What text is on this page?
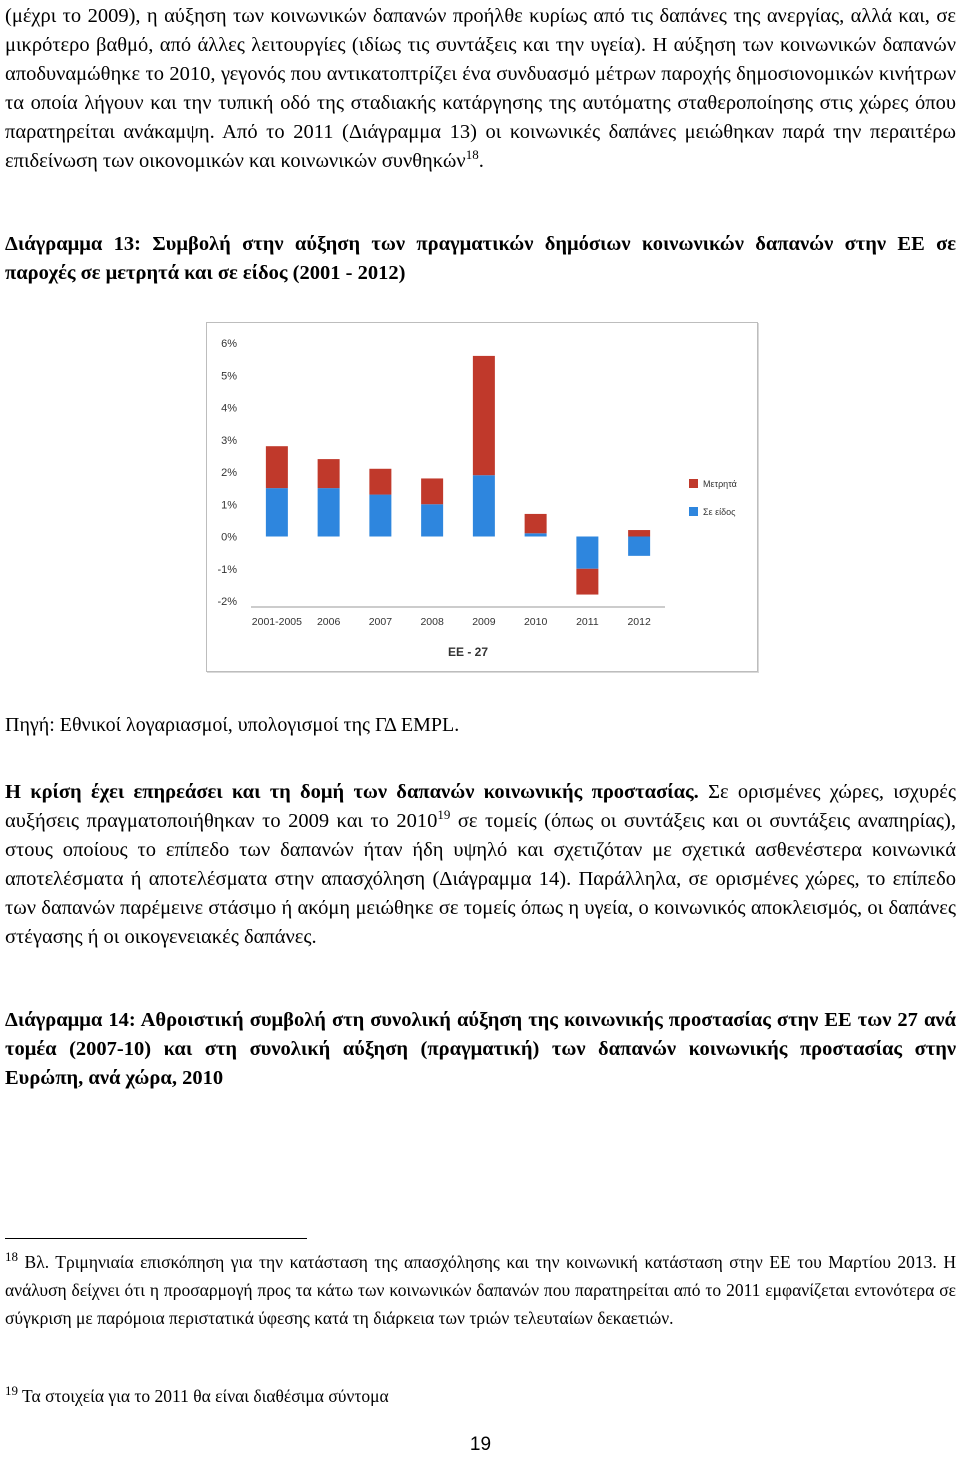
(μέχρι το 2009), η αύξηση των κοινωνικών δαπανών προήλθε κυρίως από τις δαπάνες της ανεργίας, αλλά και, σε μικρότερο βαθμό, από άλλες λειτουργίες (ιδίως τις συντάξεις και την υγεία). Η αύξηση των κοινωνικών δαπανών αποδυναμώθηκε το 2010, γεγονός που αντικατοπτρίζει ένα συνδυασμό μέτρων παροχής δημοσιονομικών κινήτρων τα οποία λήγουν και την τυπική οδό της σταδιακής κατάργησης της αυτόματης σταθεροποίησης στις χώρες όπου παρατηρείται ανάκαμψη. Από το 2011 (Διάγραμμα 13) οι κοινωνικές δαπάνες μειώθηκαν παρά την περαιτέρω επιδείνωση των οικονομικών και κοινωνικών συνθηκών$^{18}$.

Διάγραμμα 13: Συμβολή στην αύξηση των πραγματικών δημόσιων κοινωνικών δαπανών στην ΕΕ σε παροχές σε μετρητά και σε είδος (2001 - 2012)

-2%
-1%
0%
1%
2%
3%
4%
5%
6%
2001-2005 2006	2007	2008	2009	2010	2011	2012
EE - 27
Μετρητά
Σε είδος

Πηγή: Εθνικοί λογαριασμοί, υπολογισμοί της ΓΔ EMPL.

Η κρίση έχει επηρεάσει και τη δομή των δαπανών κοινωνικής προστασίας. Σε ορισμένες χώρες, ισχυρές αυξήσεις πραγματοποιήθηκαν το 2009 και το 2010$^{19}$ σε τομείς (όπως οι συντάξεις και οι συντάξεις αναπηρίας), στους οποίους το επίπεδο των δαπανών ήταν ήδη υψηλό και σχετιζόταν με σχετικά ασθενέστερα κοινωνικά αποτελέσματα ή αποτελέσματα στην απασχόληση (Διάγραμμα 14). Παράλληλα, σε ορισμένες χώρες, το επίπεδο των δαπανών παρέμεινε στάσιμο ή ακόμη μειώθηκε σε τομείς όπως η υγεία, ο κοινωνικός αποκλεισμός, οι δαπάνες στέγασης ή οι οικογενειακές δαπάνες.

Διάγραμμα 14: Αθροιστική συμβολή στη συνολική αύξηση της κοινωνικής προστασίας στην ΕΕ των 27 ανά τομέα (2007-10) και στη συνολική αύξηση (πραγματική) των δαπανών κοινωνικής προστασίας στην Ευρώπη, ανά χώρα, 2010

$^{18}$ Βλ. Τριμηνιαία επισκόπηση για την κατάσταση της απασχόλησης και την κοινωνική κατάσταση στην ΕΕ του Μαρτίου 2013. Η ανάλυση δείχνει ότι η προσαρμογή προς τα κάτω των κοινωνικών δαπανών που παρατηρείται από το 2011 εμφανίζεται εντονότερα σε σύγκριση με παρόμοια περιστατικά ύφεσης κατά τη διάρκεια των τριών τελευταίων δεκαετιών.

$^{19}$ Τα στοιχεία για το 2011 θα είναι διαθέσιμα σύντομα

19
